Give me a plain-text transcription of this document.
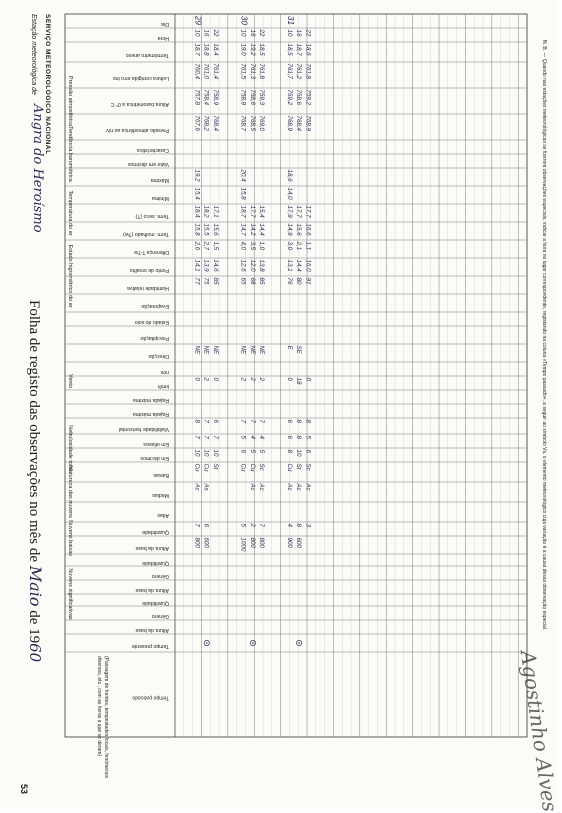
SERVIÇO METEOROLÓGICO NACIONAL
Estação meteorológica de
Angra do Heroísmo
Folha de registo das observações no mês de Maio de 1960
53
Dia
Hora
Termómetro anexo
Leitura corrigida erro ins
Altura barométrica a 0° C
Pressão atmosférica ao nív
Característica
Valor em décimos
Máxima
Mínima
Term. seco (T)
Term. molhado (Tw)
Diferença T-Tw
Ponto de orvalho
Humidade relativa
Evaporação
Estado do solo
Precipitação
Direcção
nós
km/h
Rajada máxima
Rajada máxima
Visibilidade horizontal
Em oitavos
Em décimos
Baixas
Médias
Altas
Quantidade
Altura da base
Quantidade
Género
Altura da base
Quantidade
Género
Altura da base
Tempo presente
Tempo passado
Pressão atmosférica
Tendência barométrica
Temperatura do ar
Estado higrométrico do ar
Vento
Nebulosidade total
Natureza das nuvens
Nuvens baixas
Nuvens significativas
(Passagem de frentes, tempestades locais, fenómenos
diversos, etc., com as horas a que se deram)
29
10
18,7
760,4
757,8
767,6
19,2
15,4
18,4
15,8
2,6
14,1
77
NE
0
8
7
10
Cu
Ac
7
800
16
18,8
761,0
758,4
768,2
18,2
15,5
2,7
13,9
75
NE
2
7
7
10
Cu
As
6
600
22
18,4
761,4
758,9
768,4
17,1
15,6
1,5
14,6
85
NE
0
6
7
10
St
30
10
19,0
761,5
758,9
768,7
20,4
15,8
18,7
14,7
4,0
12,6
65
NE
2
7
5
6
Cu
5
1000
16
19,2
761,3
758,6
768,5
17,7
14,2
3,5
12,0
68
NE
2
7
4
5
Cu
Ac
2
800
22
18,5
761,8
759,3
769,0
15,4
14,4
1,0
13,8
85
NE
2
7
4
5
Sc
Ac
7
800
31
10
18,5
761,7
759,2
768,9
18,6
14,0
17,9
14,9
3,0
13,1
76
E
0
6
6
8
Cu
Ac
4
900
16
18,7
761,2
758,6
768,4
17,7
15,6
2,1
14,4
80
SE
18
8
8
10
St
Ac
8
600
22
18,6
761,8
759,2
768,9
17,7
16,6
1,1
16,0
91
0
8
5
6
Sc
Ac
3	N. B. — Quando nas estações meteorológicas se fizerem observações especiais, indicar a hora no lugar correspondente, registando na coluna «Tempo passado», a seguir ao símbolo Vs, o elemento meteorológico cuja variação é a causa dessa observação especial.
Agostinho Alves
